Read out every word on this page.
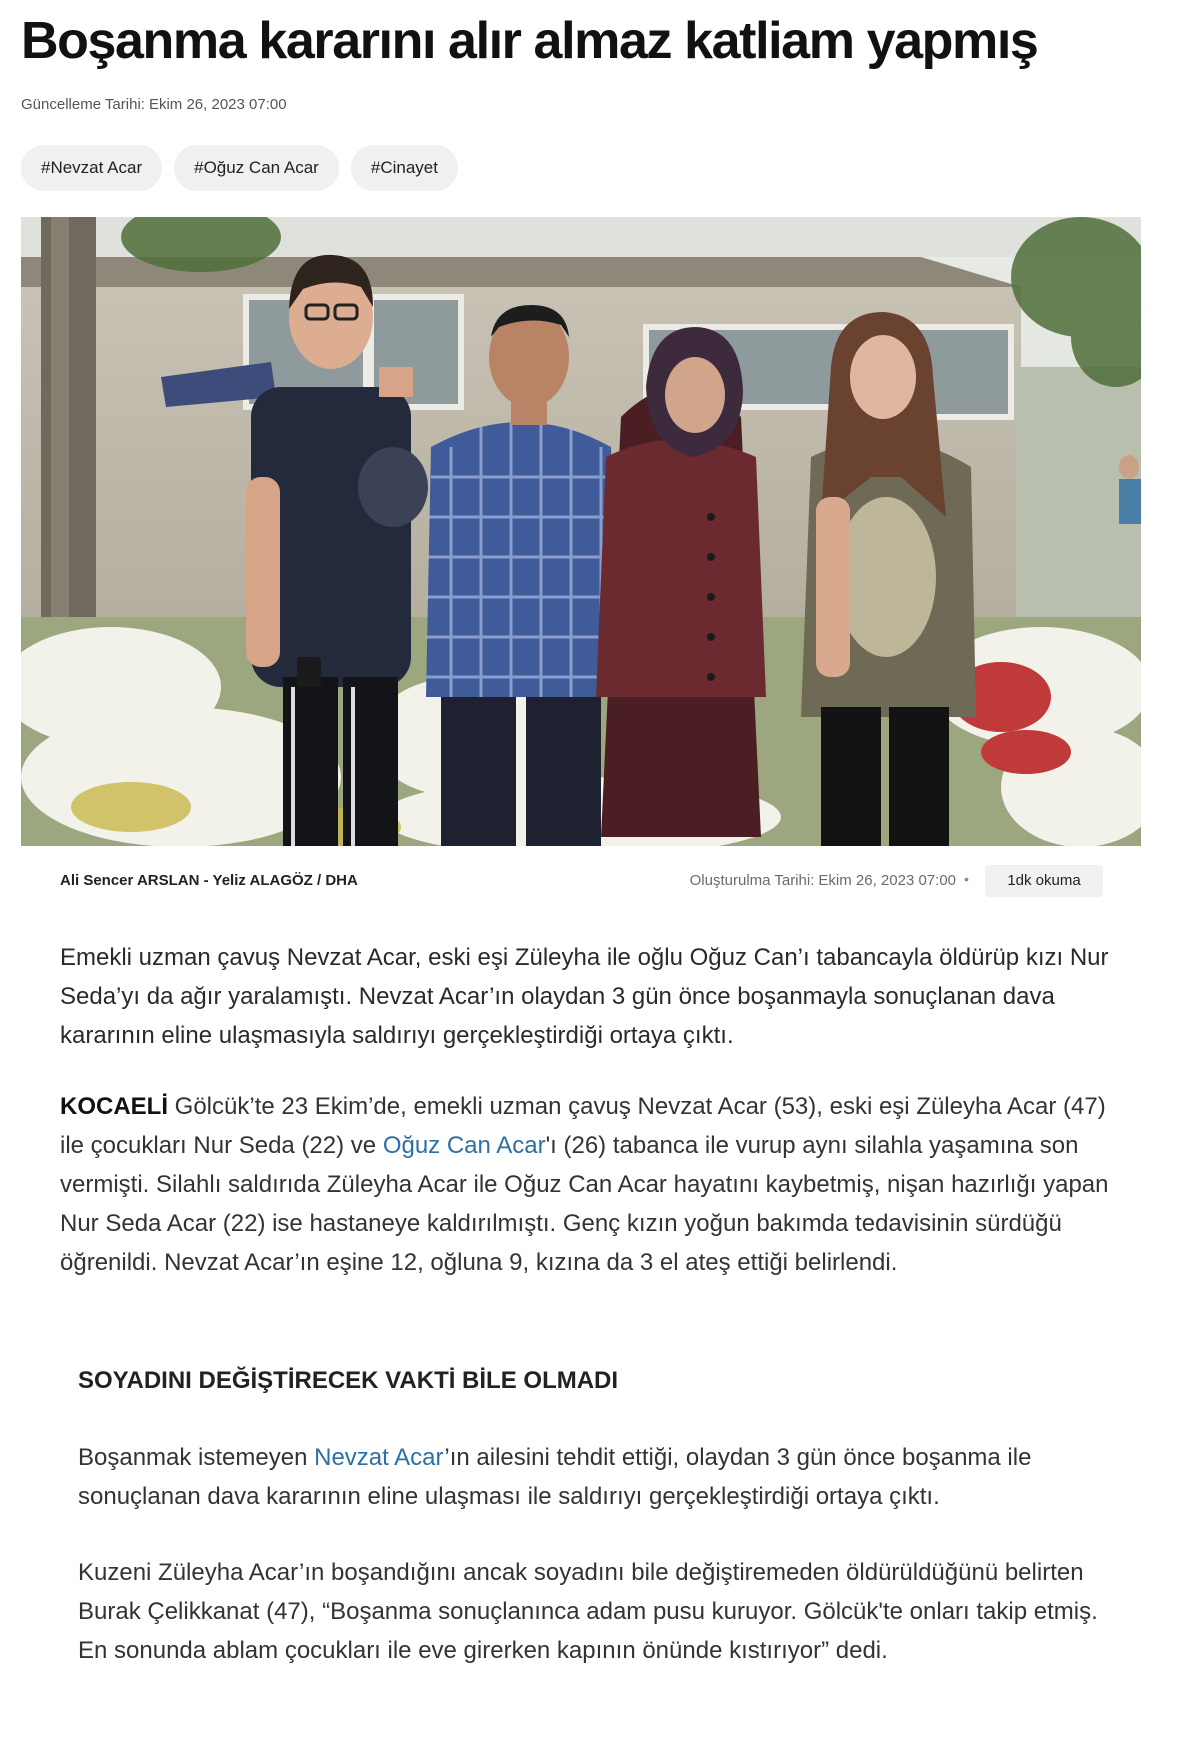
Boşanma kararını alır almaz katliam yapmış
Güncelleme Tarihi: Ekim 26, 2023 07:00
#Nevzat Acar	#Oğuz Can Acar	#Cinayet
Ali Sencer ARSLAN - Yeliz ALAGÖZ / DHA	Oluşturulma Tarihi: Ekim 26, 2023 07:00 •	1dk okuma

Emekli uzman çavuş Nevzat Acar, eski eşi Züleyha ile oğlu Oğuz Can’ı tabancayla öldürüp kızı Nur Seda’yı da ağır yaralamıştı. Nevzat Acar’ın olaydan 3 gün önce boşanmayla sonuçlanan dava kararının eline ulaşmasıyla saldırıyı gerçekleştirdiği ortaya çıktı.

KOCAELİ Gölcük’te 23 Ekim’de, emekli uzman çavuş Nevzat Acar (53), eski eşi Züleyha Acar (47) ile çocukları Nur Seda (22) ve Oğuz Can Acar'ı (26) tabanca ile vurup aynı silahla yaşamına son vermişti. Silahlı saldırıda Züleyha Acar ile Oğuz Can Acar hayatını kaybetmiş, nişan hazırlığı yapan Nur Seda Acar (22) ise hastaneye kaldırılmıştı. Genç kızın yoğun bakımda tedavisinin sürdüğü öğrenildi. Nevzat Acar’ın eşine 12, oğluna 9, kızına da 3 el ateş ettiği belirlendi.

SOYADINI DEĞİŞTİRECEK VAKTİ BİLE OLMADI

Boşanmak istemeyen Nevzat Acar’ın ailesini tehdit ettiği, olaydan 3 gün önce boşanma ile sonuçlanan dava kararının eline ulaşması ile saldırıyı gerçekleştirdiği ortaya çıktı.

Kuzeni Züleyha Acar’ın boşandığını ancak soyadını bile değiştiremeden öldürüldüğünü belirten Burak Çelikkanat (47), “Boşanma sonuçlanınca adam pusu kuruyor. Gölcük'te onları takip etmiş. En sonunda ablam çocukları ile eve girerken kapının önünde kıstırıyor” dedi.
